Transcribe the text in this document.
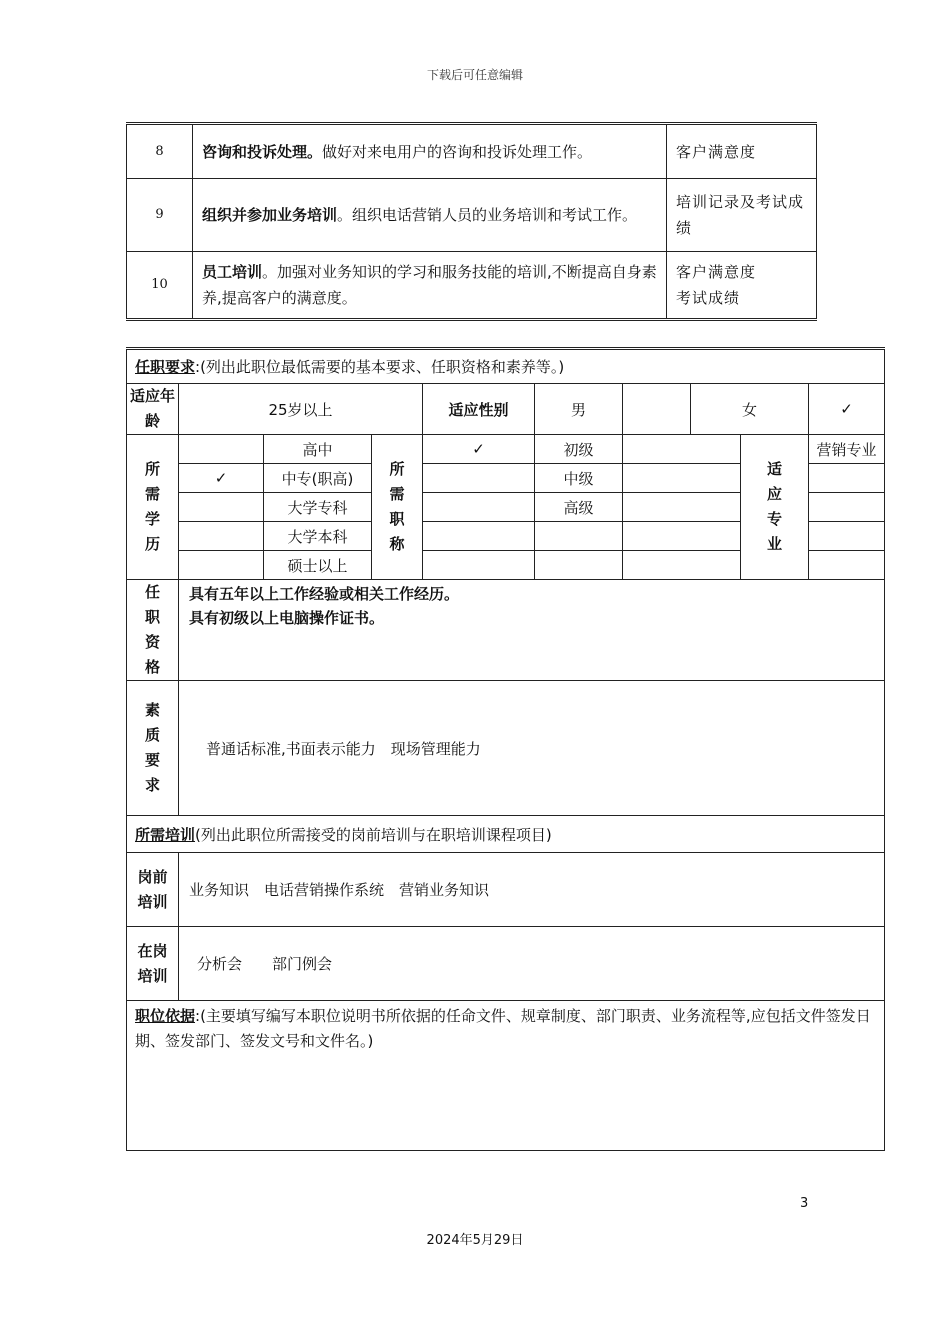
下载后可任意编辑
8	咨询和投诉处理。做好对来电用户的咨询和投诉处理工作。	客户满意度

9	组织并参加业务培训。组织电话营销人员的业务培训和考试工作。	培训记录及考试成绩

10	员工培训。加强对业务知识的学习和服务技能的培训,不断提高自身素养,提高客户的满意度。	客户满意度
考试成绩
任职要求:(列出此职位最低需要的基本要求、任职资格和素养等。)									
适应年龄	25岁以上			适应性别	男		女		✓

所需学历		高中	所需职称	✓	初级			适应专业	营销专业
	✓	中专(职高)			中级				
		大学专科			高级				
		大学本科							
		硕士以上							

任职资格	具有五年以上工作经验或相关工作经历。
具有初级以上电脑操作证书。								

素质要求	普通话标准,书面表示能力　现场管理能力								
所需培训(列出此职位所需接受的岗前培训与在职培训课程项目)									

岗前培训	业务知识　电话营销操作系统　营销业务知识								

在岗培训	分析会　　部门例会								
职位依据:(主要填写编写本职位说明书所依据的任命文件、规章制度、部门职责、业务流程等,应包括文件签发日期、签发部门、签发文号和文件名。)									
3
2024年5月29日
